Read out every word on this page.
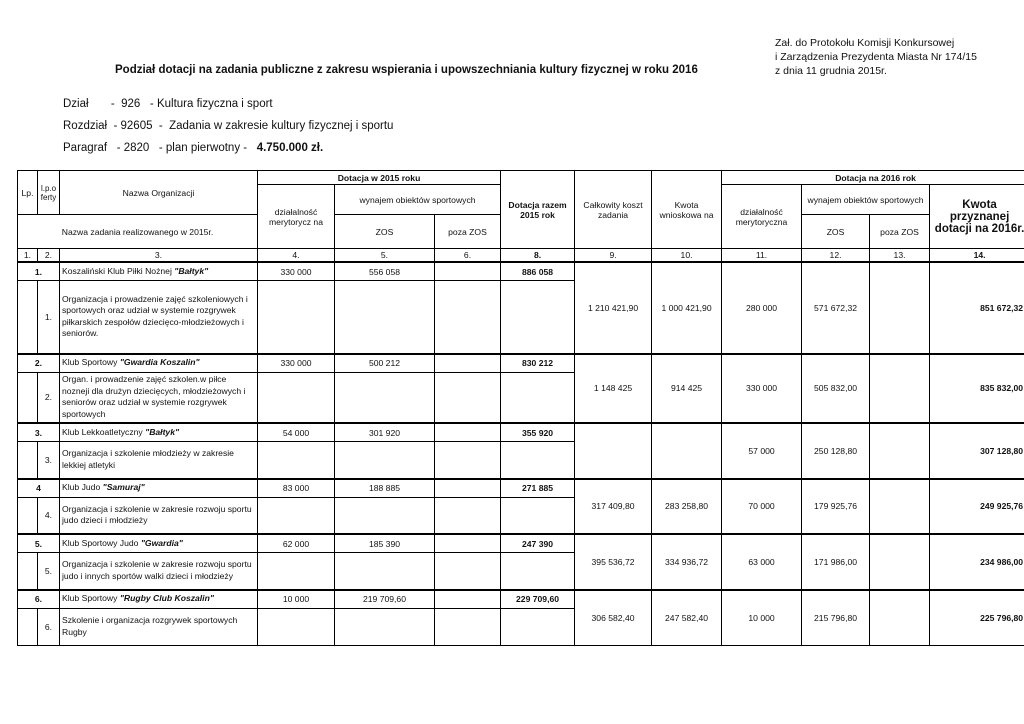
Zał. do Protokołu Komisji Konkursowej
i Zarządzenia Prezydenta Miasta Nr 174/15
z dnia 11 grudnia 2015r.
Podział dotacji na zadania publiczne z zakresu wspierania i upowszechniania kultury fizycznej w roku 2016
Dział       -  926   - Kultura fizyczna i sport
Rozdział  - 92605  -  Zadania w zakresie kultury fizycznej i sportu
Paragraf   - 2820   - plan pierwotny -   4.750.000 zł.
Lp.	l.p.o ferty	Nazwa Organizacji	Dotacja w 2015 roku			Dotacja razem 2015 rok	Całkowity koszt zadania	Kwota wnioskowa na	Dotacja na 2016 rok			
			działalność merytorycz na	wynajem obiektów sportowych					działalność merytoryczna	wynajem obiektów sportowych		Kwota przyznanej dotacji na 2016r.
Nazwa zadania realizowanego w 2015r.				ZOS	poza ZOS					ZOS	poza ZOS	
1.	2.	3.	4.	5.	6.	8.	9.	10.	11.	12.	13.	14.
1.		Koszaliński Klub Piłki Nożnej "Bałtyk"	330 000	556 058		886 058	1 210 421,90	1 000 421,90	280 000	571 672,32		851 672,32
	1.	Organizacja i prowadzenie zajęć szkoleniowych i sportowych oraz udział w systemie rozgrywek piłkarskich zespołów dziecięco-młodzieżowych i seniorów.										
2.		Klub Sportowy "Gwardia Koszalin"	330 000	500 212		830 212	1 148 425	914 425	330 000	505 832,00		835 832,00
	2.	Organ. i prowadzenie zajęć szkolen.w piłce nozneji dla drużyn dziecięcych, młodzieżowych i seniorów oraz udział w systemie rozgrywek sportowych										
3.		Klub Lekkoatletyczny "Bałtyk"	54 000	301 920		355 920			57 000	250 128,80		307 128,80
	3.	Organizacja i szkolenie młodzieży w zakresie lekkiej atletyki										
4		Klub Judo "Samuraj"	83 000	188 885		271 885	317 409,80	283 258,80	70 000	179 925,76		249 925,76
	4.	Organizacja i szkolenie w zakresie rozwoju sportu judo dzieci i młodzieży										
5.		Klub Sportowy Judo "Gwardia"	62 000	185 390		247 390	395 536,72	334 936,72	63 000	171 986,00		234 986,00
	5.	Organizacja i szkolenie w zakresie rozwoju sportu judo i innych sportów walki dzieci i młodzieży										
6.		Klub Sportowy "Rugby Club Koszalin"	10 000	219 709,60		229 709,60	306 582,40	247 582,40	10 000	215 796,80		225 796,80
	6.	Szkolenie i organizacja rozgrywek sportowych Rugby										
